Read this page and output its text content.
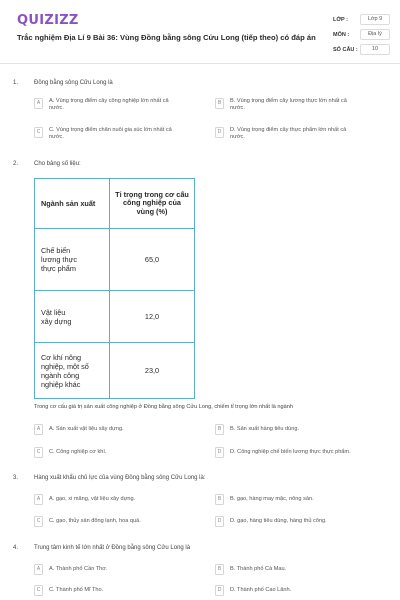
QUIZIZZ
Trắc nghiệm Địa Lí 9 Bài 36: Vùng Đồng bằng sông Cửu Long (tiếp theo) có đáp án
LỚP :	Lớp 9
MÔN :	Địa lý
SỐ CÂU :	10
1.	Đồng bằng sông Cửu Long là
A	A. Vùng trọng điểm cây công nghiệp lớn nhất cả
nước.
B	B. Vùng trọng điểm cây lương thực lớn nhất cả
nước.
C	C. Vùng trọng điểm chăn nuôi gia súc lớn nhất cả
nước.
D	D. Vùng trọng điểm cây thực phẩm lớn nhất cả
nước.
2.	Cho bảng số liệu:
Ngành sản xuất	Tỉ trọng trong cơ cấu
công nghiệp của
vùng (%)
Chế biến
lương thực
thực phẩm	65,0
Vật liệu
xây dựng	12,0
Cơ khí nông
nghiệp, một số
ngành công
nghiệp khác	23,0
Trong cơ cấu giá trị sản xuất công nghiệp ở Đồng bằng sông Cửu Long, chiếm tỉ trọng lớn nhất là ngành
A	A. Sản xuất vật liệu xây dựng.	B	B. Sản xuất hàng tiêu dùng.
C	C. Công nghiệp cơ khí.	D	D. Công nghiệp chế biến lương thực thực phẩm.
3.	Hàng xuất khẩu chủ lực của vùng Đồng bằng sông Cửu Long là:
A	A. gạo, xi măng, vật liệu xây dựng.	B	B. gạo, hàng may mặc, nông sản.
C	C. gạo, thủy sản đông lạnh, hoa quả.	D	D. gạo, hàng tiêu dùng, hàng thủ công.
4.	Trung tâm kinh tế lớn nhất ở Đồng bằng sông Cửu Long là
A	A. Thành phố Cần Thơ.	B	B. Thành phố Cà Mau.
C	C. Thành phố Mĩ Tho.	D	D. Thành phố Cao Lãnh.
